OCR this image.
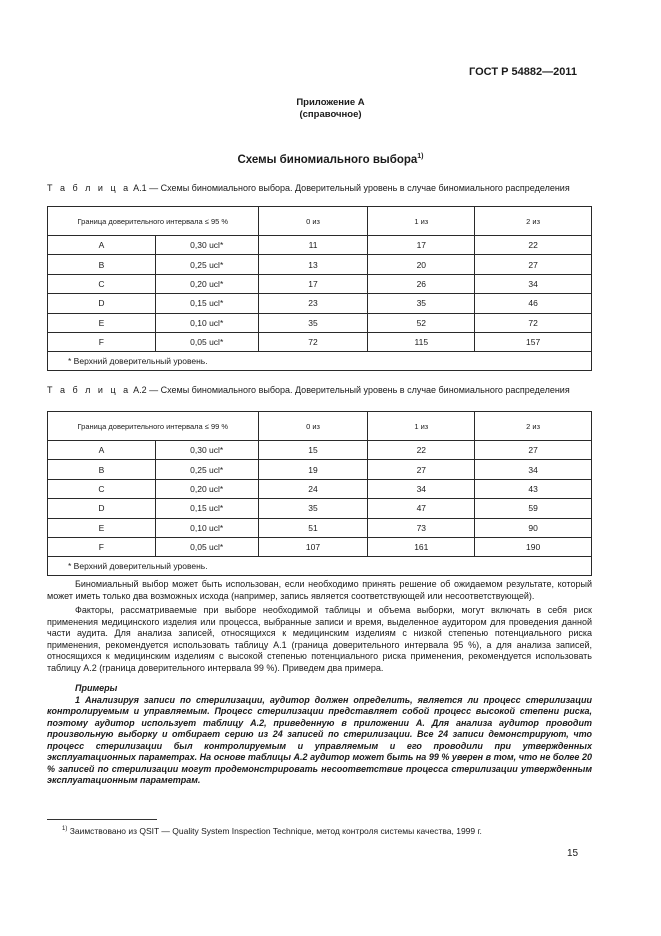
ГОСТ Р 54882—2011
Приложение А
(справочное)
Схемы биномиального выбора$^{1)}$
Т а б л и ц а А.1 — Схемы биномиального выбора. Доверительный уровень в случае биномиального распределения
Граница доверительного интервала ≤ 95 %		0 из	1 из	2 из
A	0,30 ucl*	11	17	22
B	0,25 ucl*	13	20	27
C	0,20 ucl*	17	26	34
D	0,15 ucl*	23	35	46
E	0,10 ucl*	35	52	72
F	0,05 ucl*	72	115	157
* Верхний доверительный уровень.				
Т а б л и ц а А.2 — Схемы биномиального выбора. Доверительный уровень в случае биномиального распределения
Граница доверительного интервала ≤ 99 %		0 из	1 из	2 из
A	0,30 ucl*	15	22	27
B	0,25 ucl*	19	27	34
C	0,20 ucl*	24	34	43
D	0,15 ucl*	35	47	59
E	0,10 ucl*	51	73	90
F	0,05 ucl*	107	161	190
* Верхний доверительный уровень.				

Биномиальный выбор может быть использован, если необходимо принять решение об ожидаемом результате, который может иметь только два возможных исхода (например, запись является соответствующей или несоответствующей).

Факторы, рассматриваемые при выборе необходимой таблицы и объема выборки, могут включать в себя риск применения медицинского изделия или процесса, выбранные записи и время, выделенное аудитором для проведения данной части аудита. Для анализа записей, относящихся к медицинским изделиям с низкой степенью потенциального риска применения, рекомендуется использовать таблицу А.1 (граница доверительного интервала 95 %), а для анализа записей, относящихся к медицинским изделиям с высокой степенью потенциального риска применения, рекомендуется использовать таблицу А.2 (граница доверительного интервала 99 %). Приведем два примера.

Примеры

1 Анализируя записи по стерилизации, аудитор должен определить, является ли процесс стерилизации контролируемым и управляемым. Процесс стерилизации представляет собой процесс высокой степени риска, поэтому аудитор использует таблицу А.2, приведенную в приложении А. Для анализа аудитор проводит произвольную выборку и отбирает серию из 24 записей по стерилизации. Все 24 записи демонстрируют, что процесс стерилизации был контролируемым и управляемым и его проводили при утвержденных эксплуатационных параметрах. На основе таблицы А.2 аудитор может быть на 99 % уверен в том, что не более 20 % записей по стерилизации могут продемонстрировать несоответствие процесса стерилизации утвержденным эксплуатационным параметрам.

$^{1)}$ Заимствовано из QSIT — Quality System Inspection Technique, метод контроля системы качества, 1999 г.
15
